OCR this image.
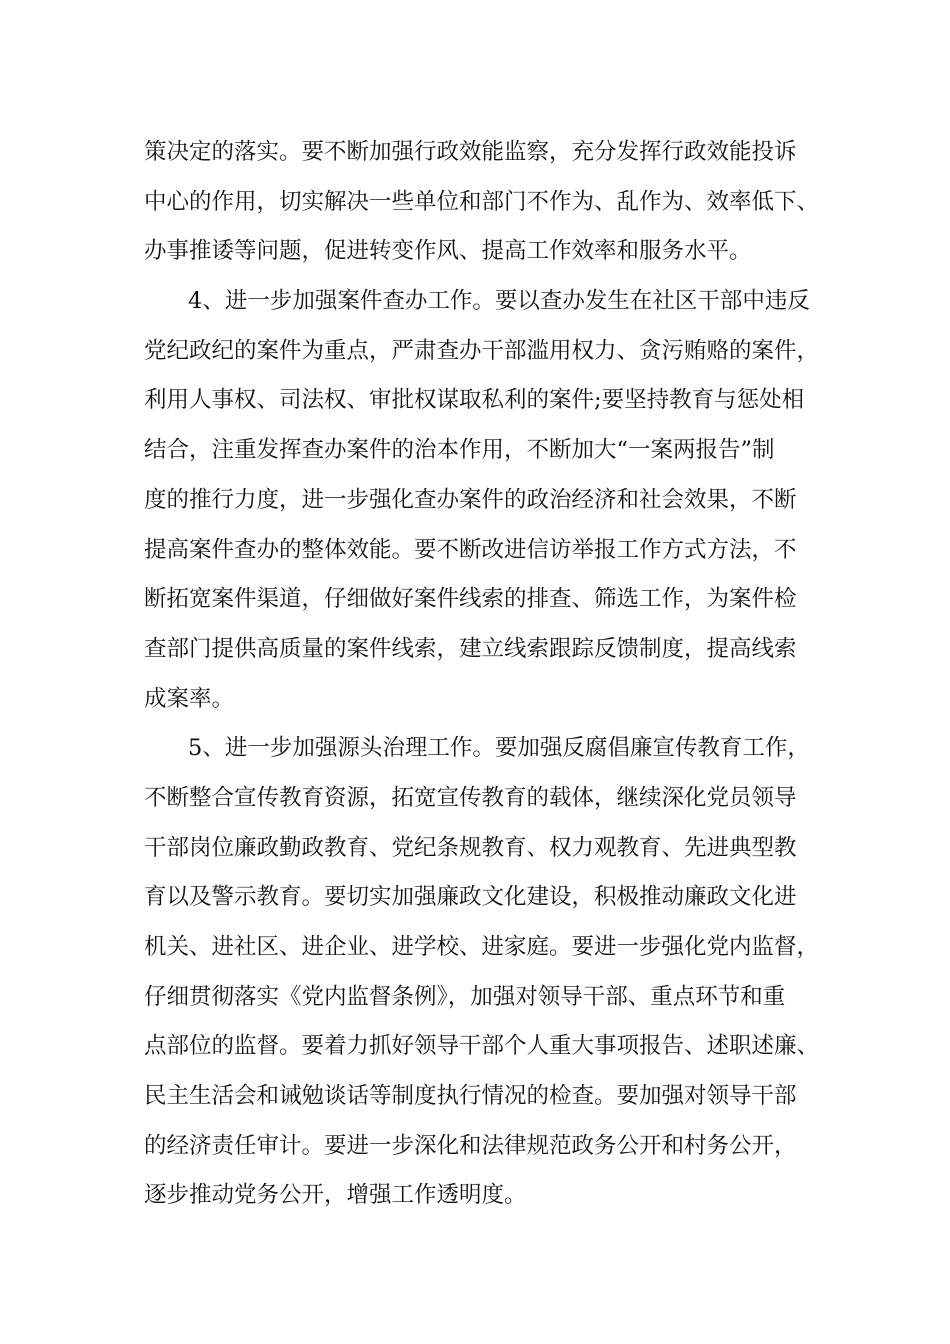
策决定的落实。要不断加强行政效能监察，充分发挥行政效能投诉
中心的作用，切实解决一些单位和部门不作为、乱作为、效率低下、
办事推诿等问题，促进转变作风、提高工作效率和服务水平。
4、进一步加强案件查办工作。要以查办发生在社区干部中违反
党纪政纪的案件为重点，严肃查办干部滥用权力、贪污贿赂的案件，
利用人事权、司法权、审批权谋取私利的案件;要坚持教育与惩处相
结合，注重发挥查办案件的治本作用，不断加大“一案两报告”制
度的推行力度，进一步强化查办案件的政治经济和社会效果，不断
提高案件查办的整体效能。要不断改进信访举报工作方式方法，不
断拓宽案件渠道，仔细做好案件线索的排查、筛选工作，为案件检
查部门提供高质量的案件线索，建立线索跟踪反馈制度，提高线索
成案率。
5、进一步加强源头治理工作。要加强反腐倡廉宣传教育工作，
不断整合宣传教育资源，拓宽宣传教育的载体，继续深化党员领导
干部岗位廉政勤政教育、党纪条规教育、权力观教育、先进典型教
育以及警示教育。要切实加强廉政文化建设，积极推动廉政文化进
机关、进社区、进企业、进学校、进家庭。要进一步强化党内监督，
仔细贯彻落实《党内监督条例》，加强对领导干部、重点环节和重
点部位的监督。要着力抓好领导干部个人重大事项报告、述职述廉、
民主生活会和诫勉谈话等制度执行情况的检查。要加强对领导干部
的经济责任审计。要进一步深化和法律规范政务公开和村务公开，
逐步推动党务公开，增强工作透明度。
